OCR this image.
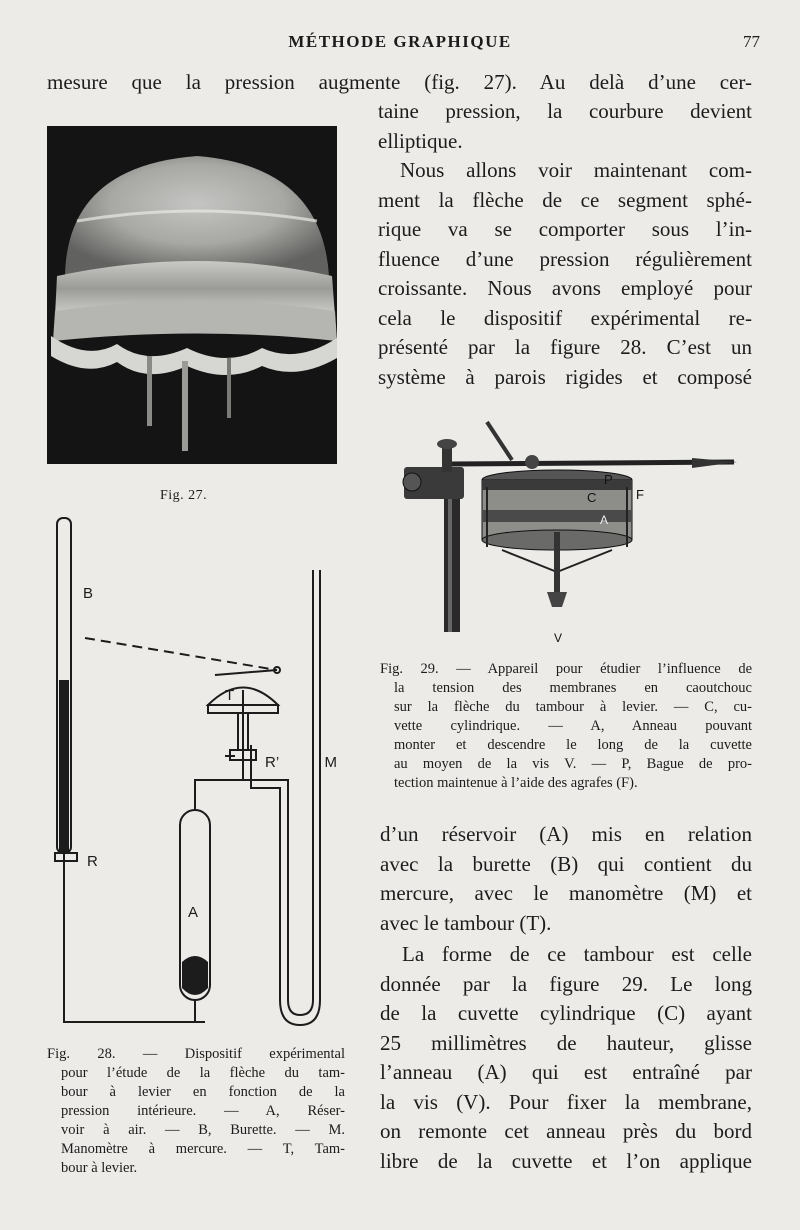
MÉTHODE GRAPHIQUE	77
mesure que la pression augmente (fig. 27). Au delà d’une cer-
Fig. 27.
taine pression, la courbure devient
elliptique.
Nous allons voir maintenant com-
ment la flèche de ce segment sphé-
rique va se comporter sous l’in-
fluence d’une pression régulièrement
croissante. Nous avons employé pour
cela le dispositif expérimental re-
présenté par la figure 28. C’est un
système à parois rigides et composé
P
C	F
A
V
Fig. 29. — Appareil pour étudier l’influence de
la tension des membranes en caoutchouc
sur la flèche du tambour à levier. — C, cu-
vette cylindrique. — A, Anneau pouvant
monter et descendre le long de la cuvette
au moyen de la vis V. — P, Bague de pro-
tection maintenue à l’aide des agrafes (F).
B
R
T
R’	M
A
Fig. 28. — Dispositif expérimental
pour l’étude de la flèche du tam-
bour à levier en fonction de la
pression intérieure. — A, Réser-
voir à air. — B, Burette. — M.
Manomètre à mercure. — T, Tam-
bour à levier.
d’un réservoir (A) mis en relation
avec la burette (B) qui contient du
mercure, avec le manomètre (M) et
avec le tambour (T).
La forme de ce tambour est celle
donnée par la figure 29. Le long
de la cuvette cylindrique (C) ayant
25 millimètres de hauteur, glisse
l’anneau (A) qui est entraîné par
la vis (V). Pour fixer la membrane,
on remonte cet anneau près du bord
libre de la cuvette et l’on applique
